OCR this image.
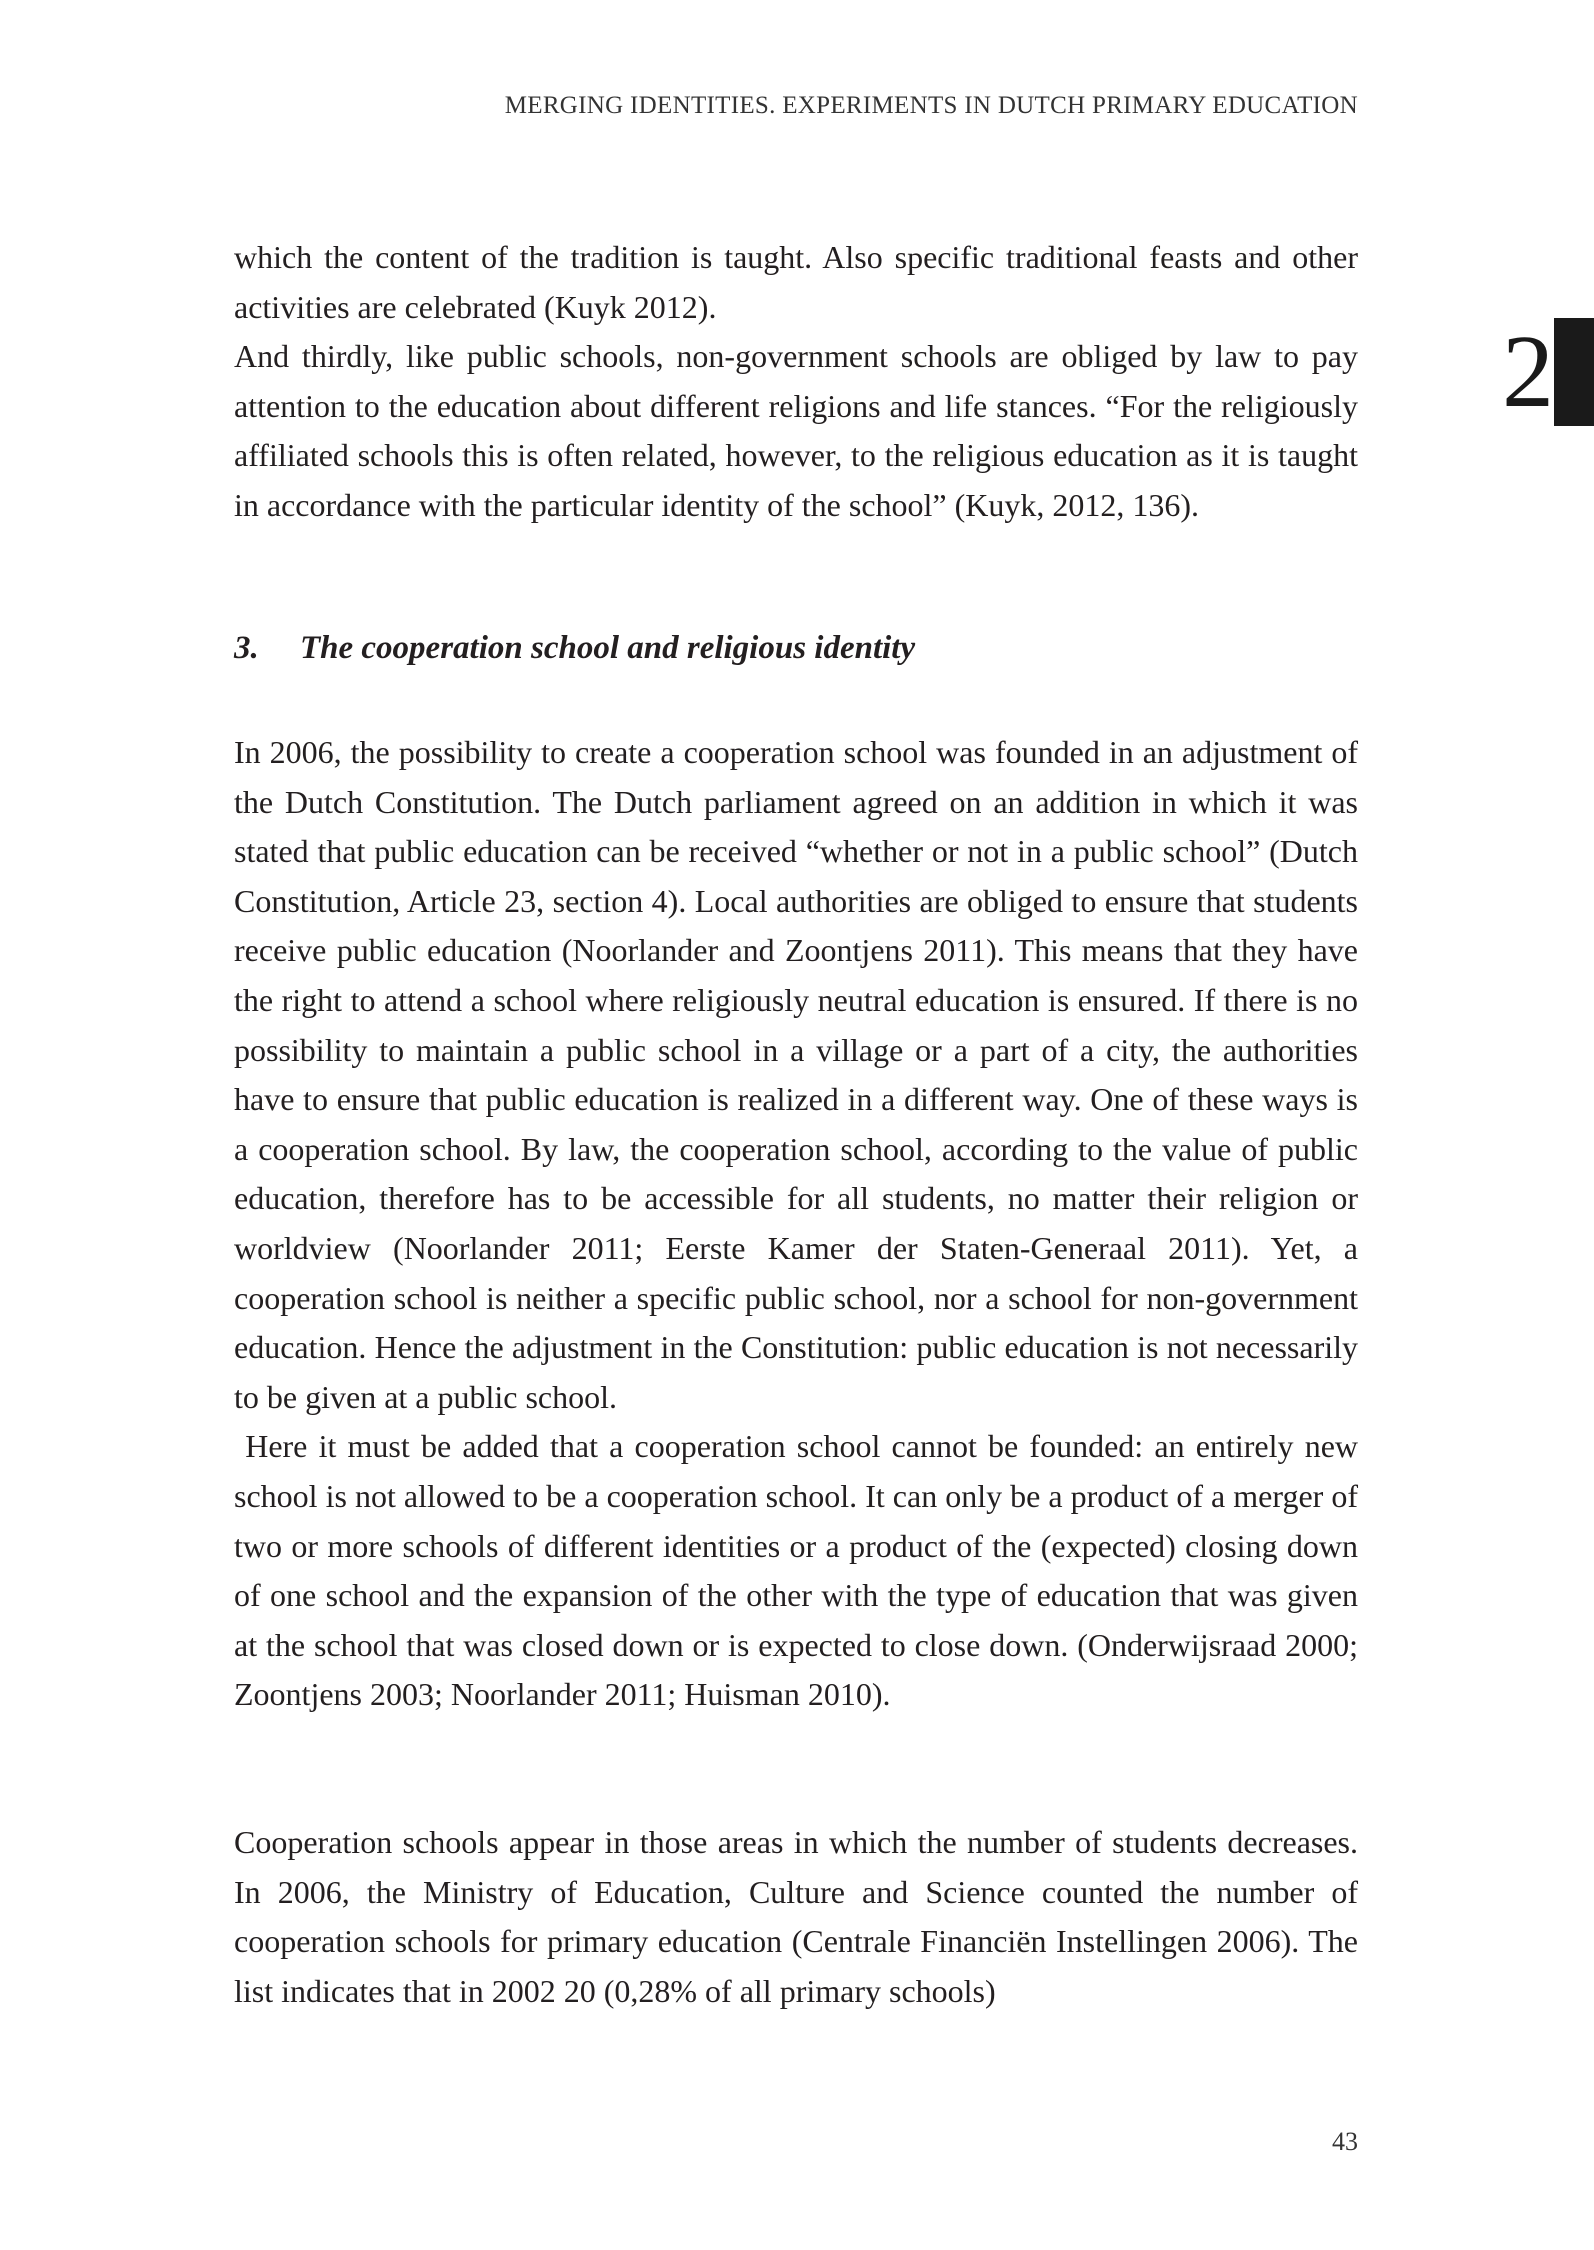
MERGING IDENTITIES. EXPERIMENTS IN DUTCH PRIMARY EDUCATION
2

which the content of the tradition is taught. Also specific traditional feasts and other activities are celebrated (Kuyk 2012).

And thirdly, like public schools, non-government schools are obliged by law to pay attention to the education about different religions and life stances. “For the religiously affiliated schools this is often related, however, to the religious education as it is taught in accordance with the particular identity of the school” (Kuyk, 2012, 136).

3. The cooperation school and religious identity

In 2006, the possibility to create a cooperation school was founded in an adjustment of the Dutch Constitution. The Dutch parliament agreed on an addition in which it was stated that public education can be received “whether or not in a public school” (Dutch Constitution, Article 23, section 4). Local authorities are obliged to ensure that students receive public education (Noorlander and Zoontjens 2011). This means that they have the right to attend a school where religiously neutral education is ensured. If there is no possibility to maintain a public school in a village or a part of a city, the authorities have to ensure that public education is realized in a different way. One of these ways is a cooperation school. By law, the cooperation school, according to the value of public education, therefore has to be accessible for all students, no matter their religion or worldview (Noorlander 2011; Eerste Kamer der Staten-Generaal 2011). Yet, a cooperation school is neither a specific public school, nor a school for non-government education. Hence the adjustment in the Constitution: public education is not necessarily to be given at a public school.

Here it must be added that a cooperation school cannot be founded: an entirely new school is not allowed to be a cooperation school. It can only be a product of a merger of two or more schools of different identities or a product of the (expected) closing down of one school and the expansion of the other with the type of education that was given at the school that was closed down or is expected to close down. (Onderwijsraad 2000; Zoontjens 2003; Noorlander 2011; Huisman 2010).

Cooperation schools appear in those areas in which the number of students decreases. In 2006, the Ministry of Education, Culture and Science counted the number of cooperation schools for primary education (Centrale Financiën Instellingen 2006). The list indicates that in 2002 20 (0,28% of all primary schools)

43
